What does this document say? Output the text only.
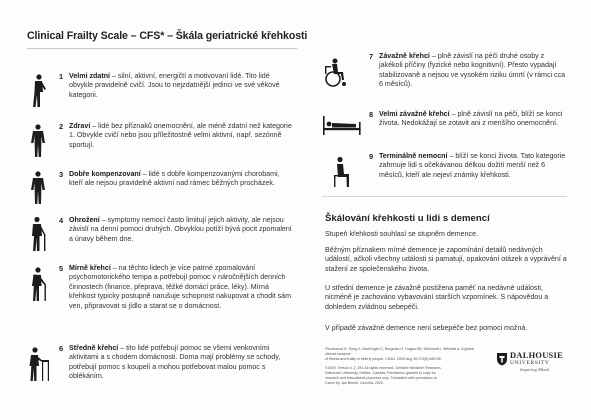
Clinical Frailty Scale – CFS* – Škála geriatrické křehkosti
1 Velmi zdatní – silní, aktivní, energičtí a motivovaní lidé. Tito lidé obvykle pravidelně cvičí. Jsou to nejzdatnější jedinci ve své věkové kategorii.
2 Zdraví – lidé bez příznaků onemocnění, ale méně zdatní než kategorie 1. Obvykle cvičí nebo jsou příležitostně velmi aktivní, např. sezónně sportují.
3 Dobře kompenzovaní – lidé s dobře kompenzovanými chorobami, kteří ale nejsou pravidelně aktivní nad rámec běžných procházek.
4 Ohrožení – symptomy nemocí často limitují jejich aktivity, ale nejsou závislí na denní pomoci druhých. Obvyklou potíží bývá pocit zpomalení a únavy během dne.
5 Mírně křehcí – na těchto lidech je více patrné zpomalování psychomotorického tempa a potřebují pomoc v náročnějších denních činnostech (finance, přeprava, těžké domácí práce, léky). Mírná křehkost typicky postupně narušuje schopnost nakupovat a chodit sám ven, připravovat si jídlo a starat se o domácnost.
6 Středně křehcí – tito lidé potřebují pomoc se všemi venkovními aktivitami a s chodem domácnosti. Doma mají problémy se schody, potřebují pomoc s koupelí a mohou potřebovat malou pomoc s oblékáním.
7 Závažně křehcí – plně závislí na péči druhé osoby z jakékoli příčiny (fyzické nebo kognitivní). Přesto vypadají stabilizovaně a nejsou ve vysokém riziku úmrtí (v rámci cca 6 měsíců).
8 Velmi závažně křehcí – plně závislí na péči, blíží se konci života. Nedokážají se zotavit ani z menšího onemocnění.
9 Terminálně nemocní – blíží se konci života. Tato kategorie zahrnuje lidi s očekávanou délkou dožití menší než 6 měsíců, kteří ale nejeví známky křehkosti.
Škálování křehkosti u lidí s demencí
Stupeň křehkosti souhlasí se stupněm demence.
Běžným příznakem mírné demence je zapomínání detailů nedávných událostí, ačkoli všechny události si pamatují, opakování otázek a vyprávění a stažení ze společenského života.
U střední demence je závažně postižena paměť na nedávné události, nicméně je zachováno vybavování starších vzpomínek. S nápovědou a dohledem zvládnou sebepéči.
V případě závažné demence není sebepéče bez pomoci možná.
*Rockwood K, Song X, MacKnight C, Bergman H, Hogan DB, McDowell I, Mitnitski A. A global clinical measure
of fitness and frailty in elderly people. CMAJ. 2005 Aug 30;173(5):489-95.
©2009. Version 1.2_EN. All rights reserved. Geriatric Medicine Research,
Dalhousie University, Halifax, Canada. Permission granted to copy for
research and educational purposes only. Translated with permission to
Czech by Jan Beneš, Czechia, 2020.
DALHOUSIE
UNIVERSITY
Inspiring Minds
